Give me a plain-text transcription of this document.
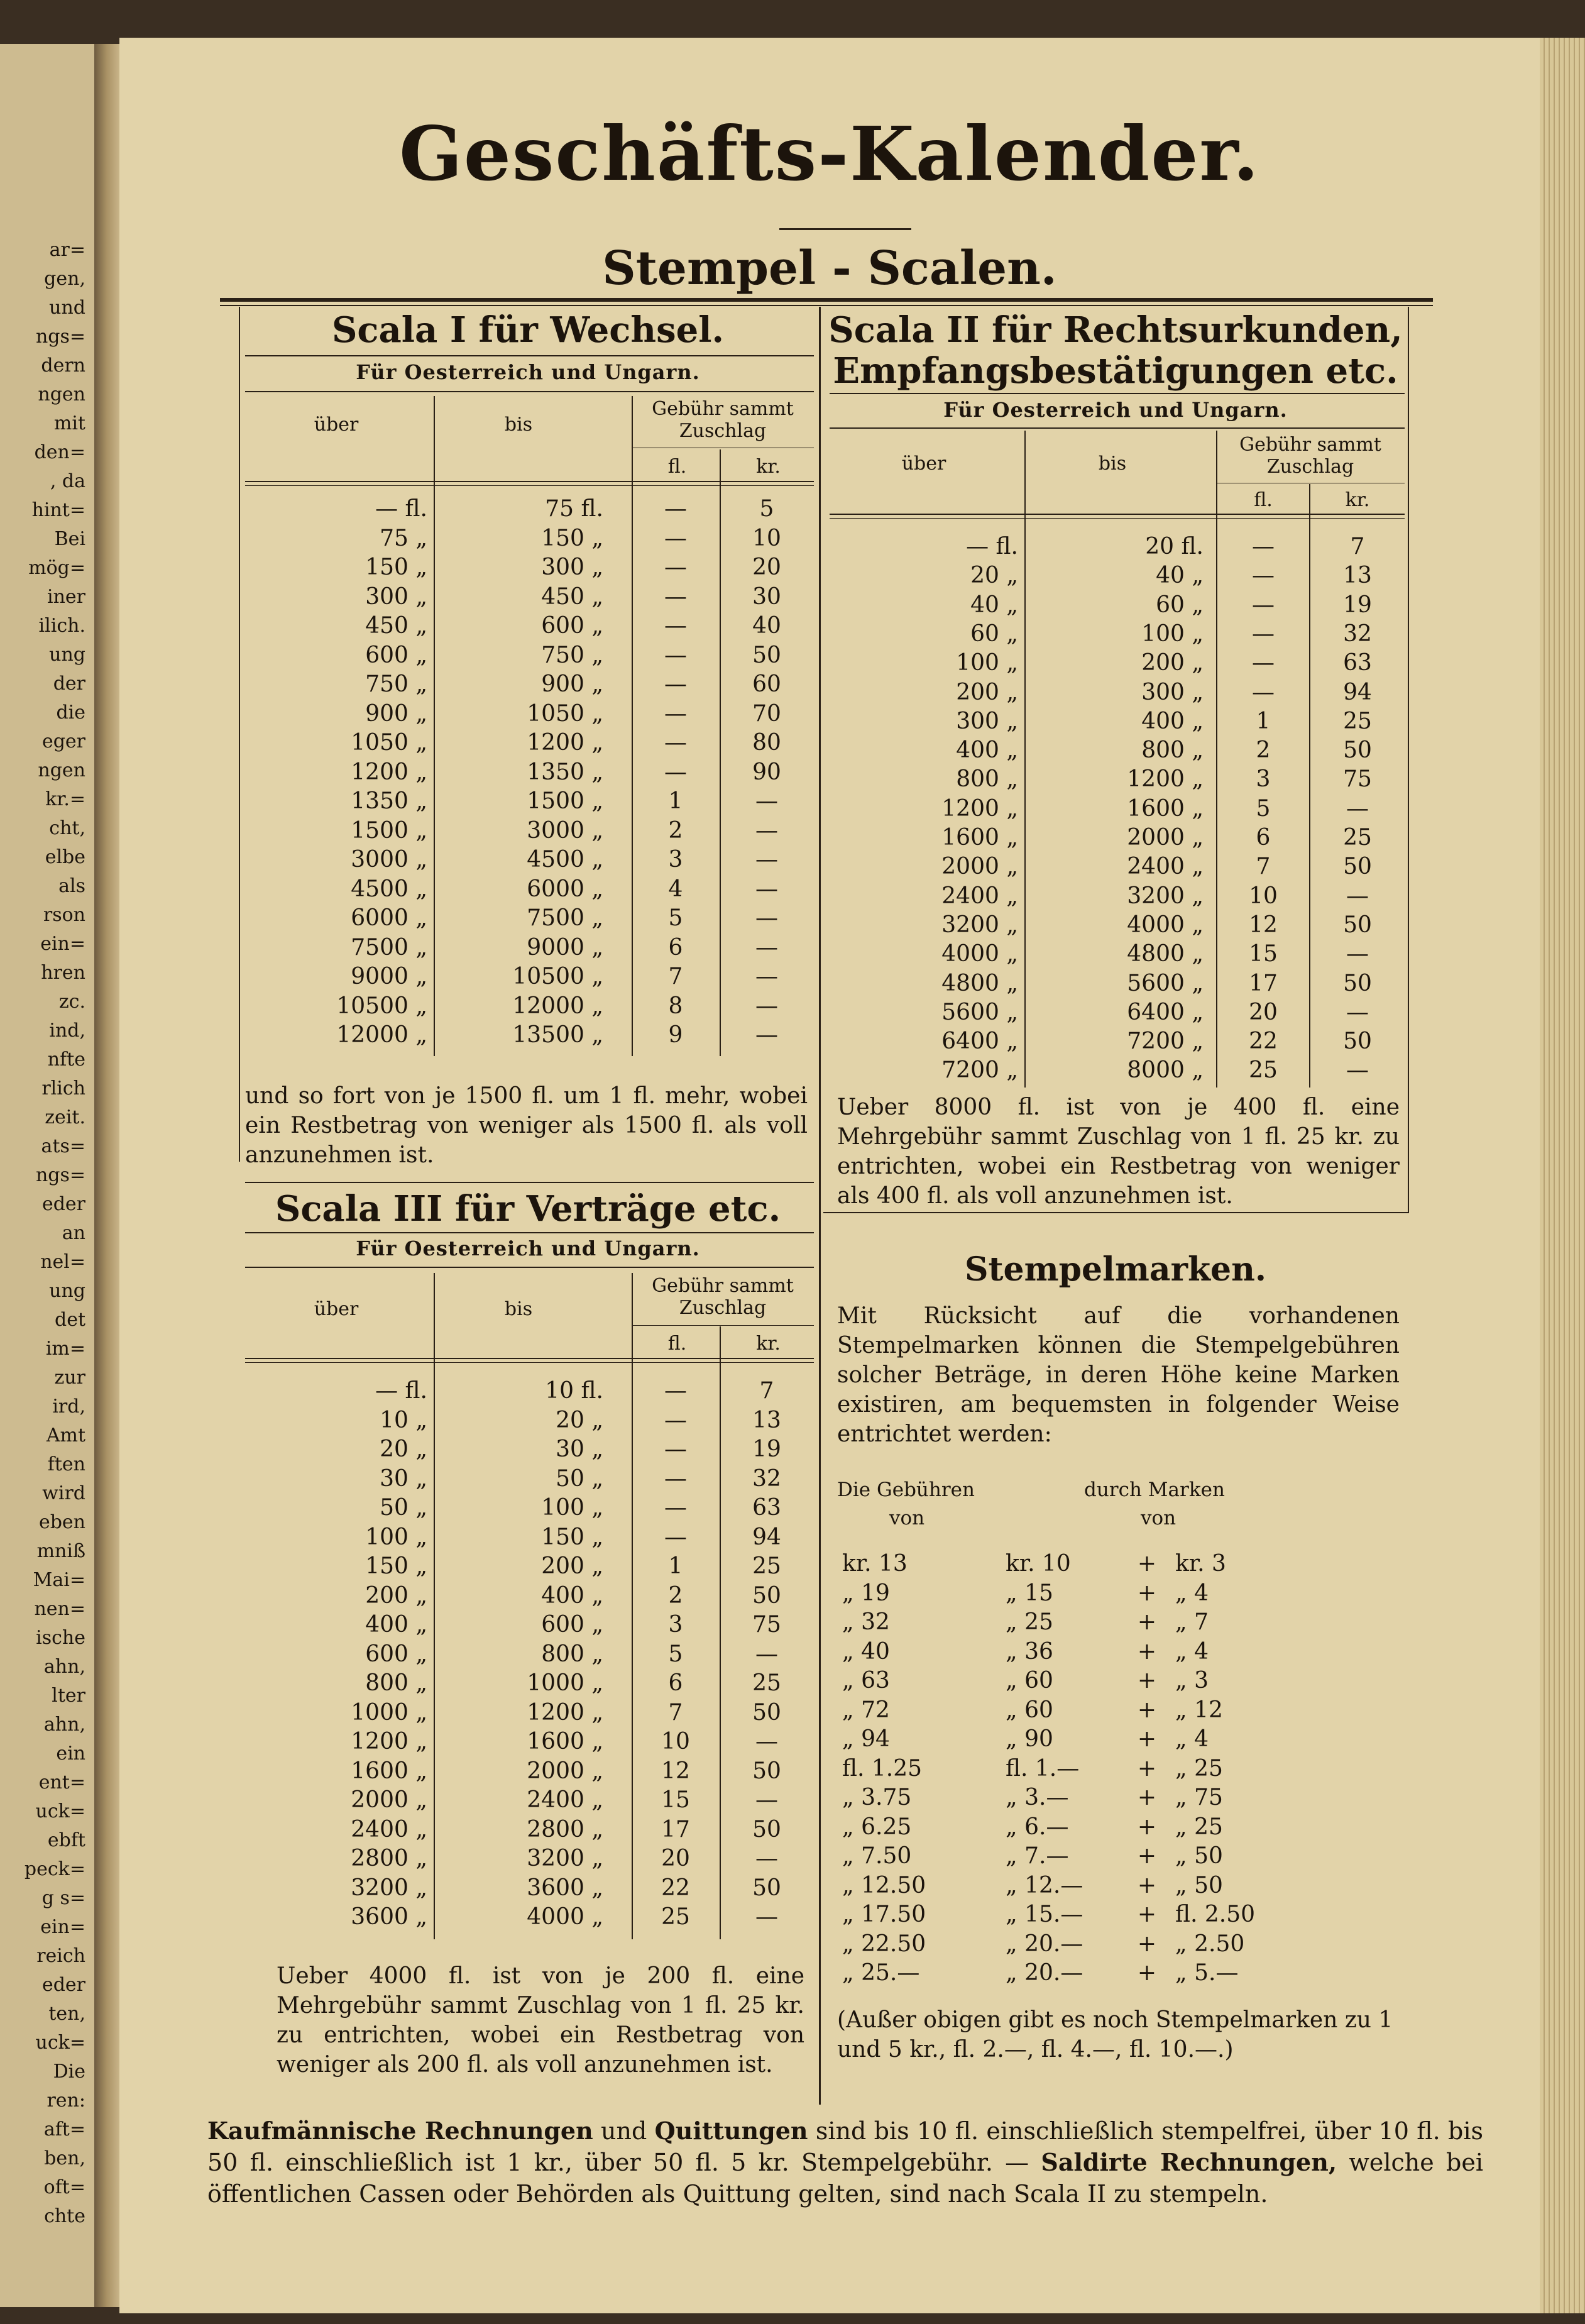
ar=
gen,
und
ngs=
dern
ngen
mit
den=
, da
hint=
Bei
mög=
iner
ilich.
ung
der
die
eger
ngen
kr.=
cht,
elbe
als
rson
ein=
hren
zc.
ind,
nfte
rlich
zeit.
ats=
ngs=
eder
an
nel=
ung
det
im=
zur
ird,
Amt
ften
wird
eben
mniß
Mai=
nen=
ische
ahn,
lter
ahn,
ein
ent=
uck=
ebft
peck=
g s=
ein=
reich
eder
ten,
uck=
Die
ren:
aft=
ben,
oft=
chte
Geschäfts-Kalender.
Stempel - Scalen.
Scala I für Wechsel.
Für Oesterreich und Ungarn.
über	bis
Gebühr sammt
Zuschlag
fl.	kr.
— fl.	75 fl.	—	5
75 „	150 „	—	10
150 „	300 „	—	20
300 „	450 „	—	30
450 „	600 „	—	40
600 „	750 „	—	50
750 „	900 „	—	60
900 „	1050 „	—	70
1050 „	1200 „	—	80
1200 „	1350 „	—	90
1350 „	1500 „	1	—
1500 „	3000 „	2	—
3000 „	4500 „	3	—
4500 „	6000 „	4	—
6000 „	7500 „	5	—
7500 „	9000 „	6	—
9000 „	10500 „	7	—
10500 „	12000 „	8	—
12000 „	13500 „	9	—
und so fort von je 1500 fl. um 1 fl. mehr, wobei ein Restbetrag von weniger als 1500 fl. als voll anzunehmen ist.
Scala III für Verträge etc.
Für Oesterreich und Ungarn.
über	bis
Gebühr sammt
Zuschlag
fl.	kr.
— fl.	10 fl.	—	7
10 „	20 „	—	13
20 „	30 „	—	19
30 „	50 „	—	32
50 „	100 „	—	63
100 „	150 „	—	94
150 „	200 „	1	25
200 „	400 „	2	50
400 „	600 „	3	75
600 „	800 „	5	—
800 „	1000 „	6	25
1000 „	1200 „	7	50
1200 „	1600 „	10	—
1600 „	2000 „	12	50
2000 „	2400 „	15	—
2400 „	2800 „	17	50
2800 „	3200 „	20	—
3200 „	3600 „	22	50
3600 „	4000 „	25	—
Ueber 4000 fl. ist von je 200 fl. eine Mehrgebühr sammt Zuschlag von 1 fl. 25 kr. zu entrichten, wobei ein Restbetrag von weniger als 200 fl. als voll anzunehmen ist.
Scala II für Rechtsurkunden,
Empfangsbestätigungen etc.
Für Oesterreich und Ungarn.
über	bis
Gebühr sammt
Zuschlag
fl.	kr.
— fl.	20 fl.	—	7
20 „	40 „	—	13
40 „	60 „	—	19
60 „	100 „	—	32
100 „	200 „	—	63
200 „	300 „	—	94
300 „	400 „	1	25
400 „	800 „	2	50
800 „	1200 „	3	75
1200 „	1600 „	5	—
1600 „	2000 „	6	25
2000 „	2400 „	7	50
2400 „	3200 „	10	—
3200 „	4000 „	12	50
4000 „	4800 „	15	—
4800 „	5600 „	17	50
5600 „	6400 „	20	—
6400 „	7200 „	22	50
7200 „	8000 „	25	—
Ueber 8000 fl. ist von je 400 fl. eine Mehrgebühr sammt Zuschlag von 1 fl. 25 kr. zu entrichten, wobei ein Restbetrag von weniger als 400 fl. als voll anzunehmen ist.
Stempelmarken.
Mit Rücksicht auf die vorhandenen Stempelmarken können die Stempelgebühren solcher Beträge, in deren Höhe keine Marken existiren, am bequemsten in folgender Weise entrichtet werden:
Die Gebühren
von
durch Marken
von
kr. 13	kr. 10	+ kr. 3
„ 19	„ 15	+ „ 4
„ 32	„ 25	+ „ 7
„ 40	„ 36	+ „ 4
„ 63	„ 60	+ „ 3
„ 72	„ 60	+ „ 12
„ 94	„ 90	+ „ 4
fl. 1.25	fl. 1.—	+ „ 25
„ 3.75	„ 3.—	+ „ 75
„ 6.25	„ 6.—	+ „ 25
„ 7.50	„ 7.—	+ „ 50
„ 12.50	„ 12.—	+ „ 50
„ 17.50	„ 15.—	+ fl. 2.50
„ 22.50	„ 20.—	+ „ 2.50
„ 25.—	„ 20.—	+ „ 5.—
(Außer obigen gibt es noch Stempelmarken zu 1 und 5 kr., fl. 2.—, fl. 4.—, fl. 10.—.)
Kaufmännische Rechnungen und Quittungen sind bis 10 fl. einschließlich stempelfrei, über 10 fl. bis 50 fl. einschließlich ist 1 kr., über 50 fl. 5 kr. Stempelgebühr. — Saldirte Rechnungen, welche bei öffentlichen Cassen oder Behörden als Quittung gelten, sind nach Scala II zu stempeln.
